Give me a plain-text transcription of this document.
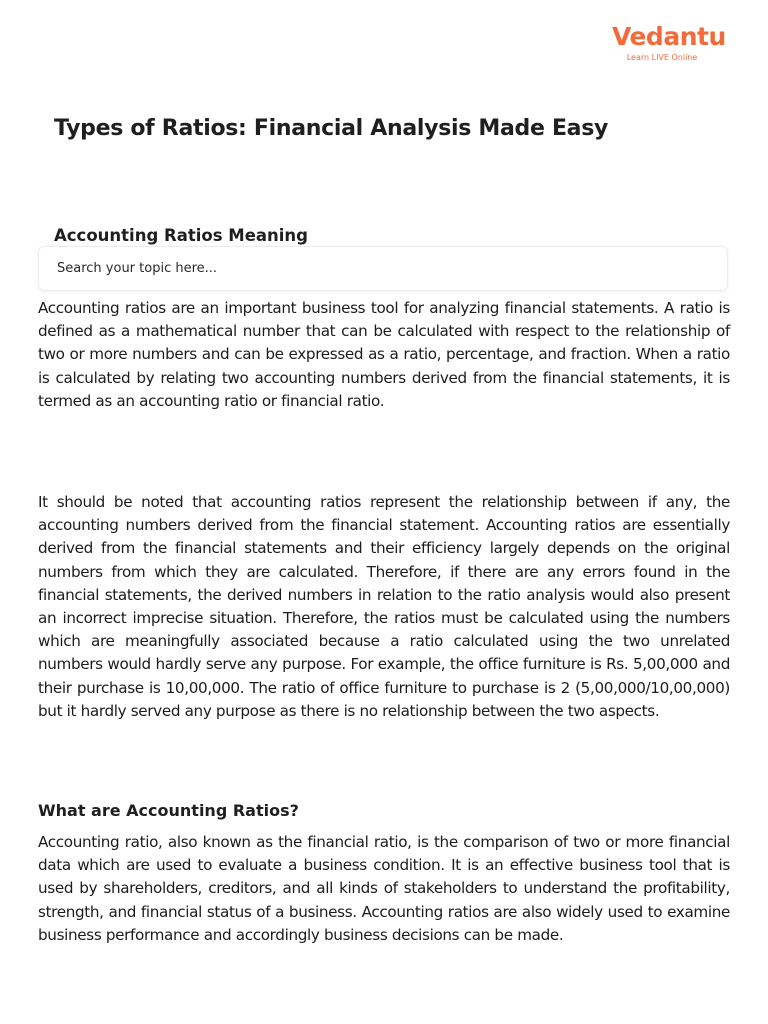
Vedantu
Learn LIVE Online
Types of Ratios: Financial Analysis Made Easy
Accounting Ratios Meaning
Search your topic here...

Accounting ratios are an important business tool for analyzing financial statements. A ratio is defined as a mathematical number that can be calculated with respect to the relationship of two or more numbers and can be expressed as a ratio, percentage, and fraction. When a ratio is calculated by relating two accounting numbers derived from the financial statements, it is termed as an accounting ratio or financial ratio.

It should be noted that accounting ratios represent the relationship between if any, the accounting numbers derived from the financial statement. Accounting ratios are essentially derived from the financial statements and their efficiency largely depends on the original numbers from which they are calculated. Therefore, if there are any errors found in the financial statements, the derived numbers in relation to the ratio analysis would also present an incorrect imprecise situation. Therefore, the ratios must be calculated using the numbers which are meaningfully associated because a ratio calculated using the two unrelated numbers would hardly serve any purpose. For example, the office furniture is Rs. 5,00,000 and their purchase is 10,00,000. The ratio of office furniture to purchase is 2 (5,00,000/10,00,000) but it hardly served any purpose as there is no relationship between the two aspects.

What are Accounting Ratios?

Accounting ratio, also known as the financial ratio, is the comparison of two or more financial data which are used to evaluate a business condition. It is an effective business tool that is used by shareholders, creditors, and all kinds of stakeholders to understand the profitability, strength, and financial status of a business. Accounting ratios are also widely used to examine business performance and accordingly business decisions can be made.
